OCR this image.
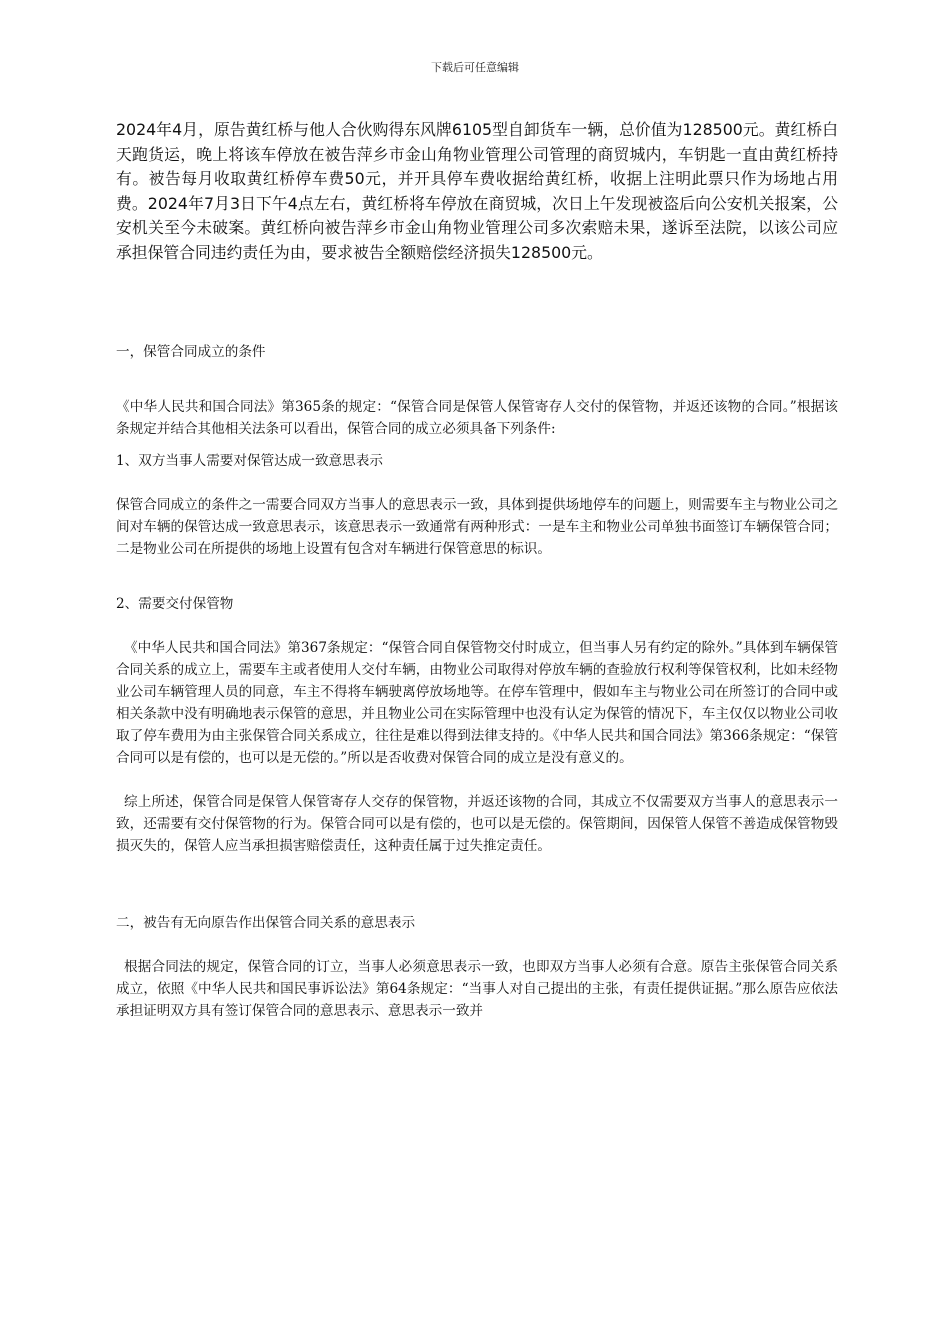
下载后可任意编辑

2024年4月，原告黄红桥与他人合伙购得东风牌6105型自卸货车一辆，总价值为128500元。黄红桥白天跑货运，晚上将该车停放在被告萍乡市金山角物业管理公司管理的商贸城内，车钥匙一直由黄红桥持有。被告每月收取黄红桥停车费50元，并开具停车费收据给黄红桥，收据上注明此票只作为场地占用费。2024年7月3日下午4点左右，黄红桥将车停放在商贸城，次日上午发现被盗后向公安机关报案，公安机关至今未破案。黄红桥向被告萍乡市金山角物业管理公司多次索赔未果，遂诉至法院，以该公司应承担保管合同违约责任为由，要求被告全额赔偿经济损失128500元。

一，保管合同成立的条件

《中华人民共和国合同法》第365条的规定：“保管合同是保管人保管寄存人交付的保管物，并返还该物的合同。”根据该条规定并结合其他相关法条可以看出，保管合同的成立必须具备下列条件:

1、双方当事人需要对保管达成一致意思表示

保管合同成立的条件之一需要合同双方当事人的意思表示一致，具体到提供场地停车的问题上，则需要车主与物业公司之间对车辆的保管达成一致意思表示，该意思表示一致通常有两种形式：一是车主和物业公司单独书面签订车辆保管合同；二是物业公司在所提供的场地上设置有包含对车辆进行保管意思的标识。

2、需要交付保管物

《中华人民共和国合同法》第367条规定：“保管合同自保管物交付时成立，但当事人另有约定的除外。”具体到车辆保管合同关系的成立上，需要车主或者使用人交付车辆，由物业公司取得对停放车辆的查验放行权利等保管权利，比如未经物业公司车辆管理人员的同意，车主不得将车辆驶离停放场地等。在停车管理中，假如车主与物业公司在所签订的合同中或相关条款中没有明确地表示保管的意思，并且物业公司在实际管理中也没有认定为保管的情况下，车主仅仅以物业公司收取了停车费用为由主张保管合同关系成立，往往是难以得到法律支持的。《中华人民共和国合同法》第366条规定：“保管合同可以是有偿的，也可以是无偿的。”所以是否收费对保管合同的成立是没有意义的。

综上所述，保管合同是保管人保管寄存人交存的保管物，并返还该物的合同，其成立不仅需要双方当事人的意思表示一致，还需要有交付保管物的行为。保管合同可以是有偿的，也可以是无偿的。保管期间，因保管人保管不善造成保管物毁损灭失的，保管人应当承担损害赔偿责任，这种责任属于过失推定责任。

二，被告有无向原告作出保管合同关系的意思表示

根据合同法的规定，保管合同的订立，当事人必须意思表示一致，也即双方当事人必须有合意。原告主张保管合同关系成立，依照《中华人民共和国民事诉讼法》第64条规定：“当事人对自己提出的主张，有责任提供证据。”那么原告应依法承担证明双方具有签订保管合同的意思表示、意思表示一致并
